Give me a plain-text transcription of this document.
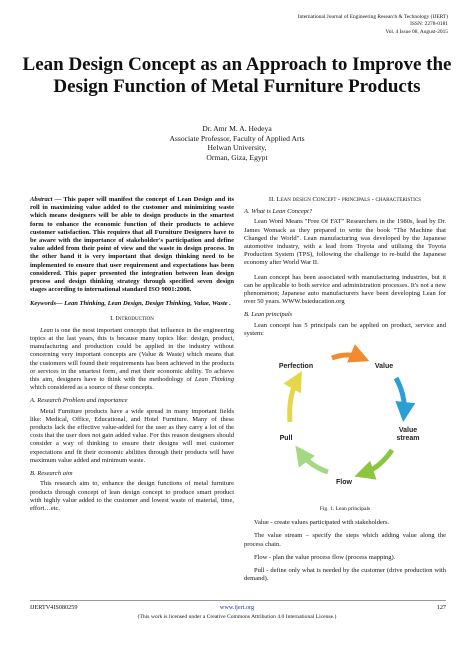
International Journal of Engineering Research & Technology (IJERT)
ISSN: 2278-0181
Vol. 4 Issue 08, August-2015
Lean Design Concept as an Approach to Improve the Design Function of Metal Furniture Products
Dr. Amr M. A. Hedeya
Associate Professor, Faculty of Applied Arts
Helwan University,
Orman, Giza, Egypt

Abstract — This paper will manifest the concept of Lean Design and its roll in maximizing value added to the customer and minimizing waste which means designers will be able to design products in the smartest form to enhance the economic function of their products to achieve customer satisfaction. This requires that all Furniture Designers have to be aware with the importance of stakeholder's participation and define value added from their point of view and the waste in design process. In the other hand it is very important that design thinking need to be implemented to ensure that user requirement and expectations has been considered. This paper presented the integration between lean design process and design thinking strategy through specified seven design stages according to international standard ISO 9001:2008.

Keywords— Lean Thinking, Lean Design, Design Thinking, Value, Waste .

I. Introduction

Lean is one the most important concepts that influence in the engineering topics at the last years, this is because many topics like: design, product, manufacturing and production could be applied in the industry without concerning very important concepts are (Value & Waste) which means that the customers will found their requirements has been achieved in the products or services in the smartest form, and met their economic ability. To achieve this aim, designers have to think with the methodology of Lean Thinking which considered as a source of these concepts.

A. Research Problem and importance

Metal Furniture products have a wide spread in many important fields like: Medical, Office, Educational, and Hotel Furniture. Many of these products lack the effective value-added for the user as they carry a lot of the costs that the user does not gain added value. For this reason designers should consider a way of thinking to ensure their designs will met customer expectations and fit their economic abilities through their products will have maximum value added and minimum waste.

B. Research aim

This research aim to, enhance the design functions of metal furniture products through concept of lean design concept to produce smart product with highly value added to the customer and lowest waste of material, time, effort…etc.

II. Lean design Concept - principals - characteristics
A. What is Lean Concept?

Lean Word Means "Free Of FAT" Researchers in the 1980s, lead by Dr. James Womack as they prepared to write the book "The Machine that Changed the World". Lean manufacturing was developed by the Japanese automotive industry, with a lead from Toyota and utilising the Toyota Production System (TPS), following the challenge to re-build the Japanese economy after World War II.

Lean concept has been associated with manufacturing industries, but it can be applicable to both service and administration processes. It's not a new phenomenon; Japanese auto manufacturers have been developing Lean for over 50 years. WWW.bsieducation.org

B. Lean principals

Lean concept has 5 principals can be applied on product, service and system:

Perfection	Value
Value stream
Flow
Pull
Fig. 1. Lean principals

Value - create values participated with stakeholders.

The value stream – specify the steps which adding value along the process chain.

Flow - plan the value process flow (process mapping).

Pull - define only what is needed by the customer (drive production with demand).

IJERTV4IS080259	www.ijert.org	127
(This work is licensed under a Creative Commons Attribution 4.0 International License.)
